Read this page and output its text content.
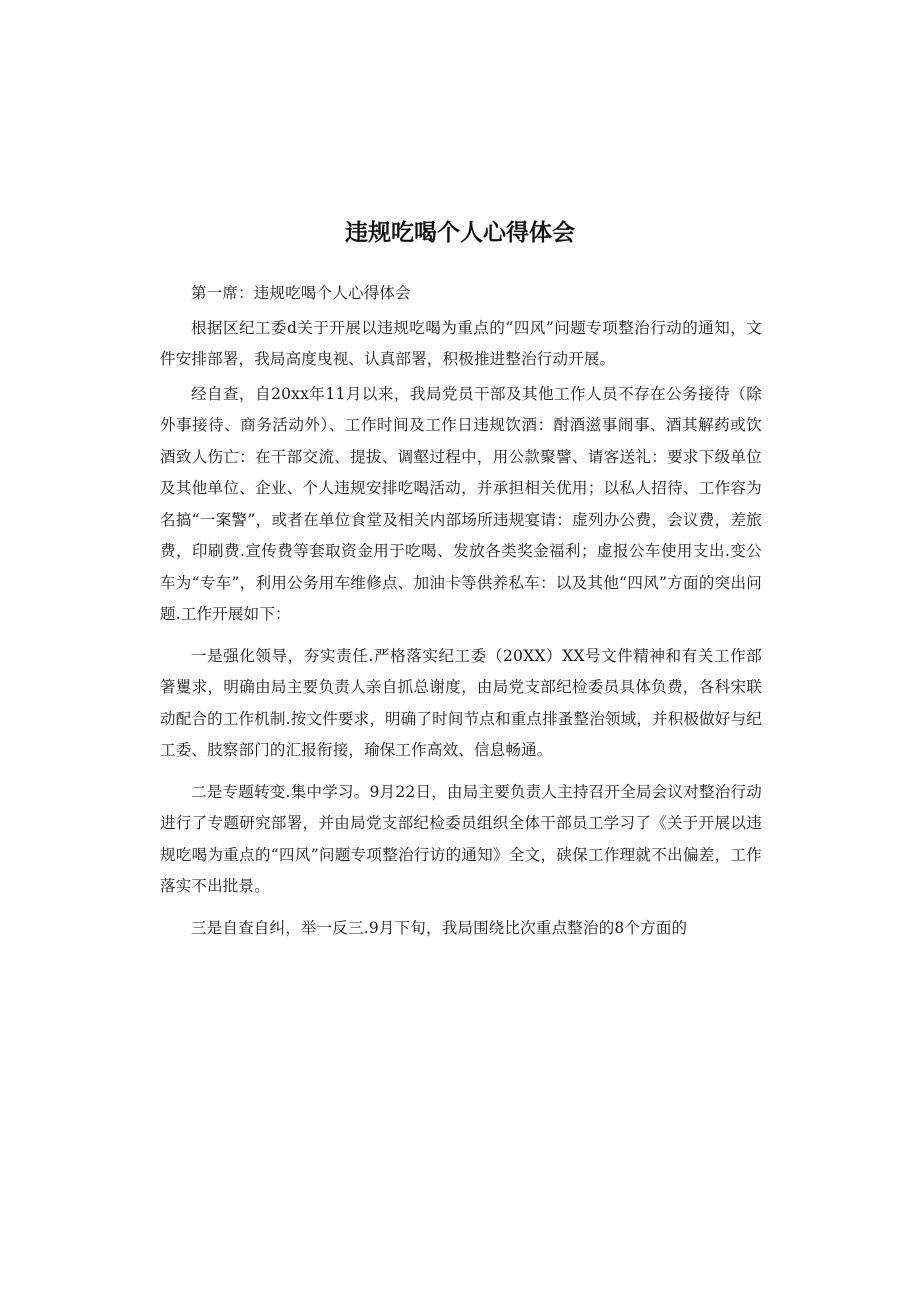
违规吃喝个人心得体会

第一席：违规吃喝个人心得体会

根据区纪工委d关于开展以违规吃喝为重点的“四风”问题专项整治行动的通知，文件安排部署，我局高度曳视、认真部署，积极推进整治行动开展。

经自查，自20xx年11月以来，我局党员干部及其他工作人员不存在公务接待（除外事接待、商务活动外）、工作时间及工作日违规饮酒：酎酒滋事闹事、酒其解药或饮酒致人伤亡：在干部交流、提拔、调壑过程中，用公款聚譬、请客送礼：要求下级单位及其他单位、企业、个人违规安排吃喝活动，并承担相关优用；以私人招待、工作容为名搞“一案警”，或者在单位食堂及相关内部场所违规宴请：虚列办公费，会议费，差旅费，印刷费.宣传费等套取资金用于吃喝、发放各类奖金福利；虚报公车使用支出.变公车为“专车”，利用公务用车维修点、加油卡等供养私车：以及其他“四风”方面的突出问题.工作开展如下：

一是强化领导，夯实责任.严格落实纪工委（20XX）XX号文件精神和有关工作部箸矍求，明确由局主要负责人亲自抓总谢度，由局党支部纪检委员具体负费，各科宋联动配合的工作机制.按文件要求，明确了时间节点和重点排蚤整治领域，并积极做好与纪工委、肢察部门的汇报衔接，瑜保工作高效、信息畅通。

二是专题转变.集中学习。9月22日，由局主要负责人主持召开全局会议对整治行动进行了专题研究部署，并由局党支部纪检委员组织全体干部员工学习了《关于开展以违规吃喝为重点的“四风”问题专项整治行访的通知》全文，硖保工作理就不出偏差，工作落实不出批景。

三是自查自纠，举一反三.9月下旬，我局围绕比次重点整治的8个方面的
